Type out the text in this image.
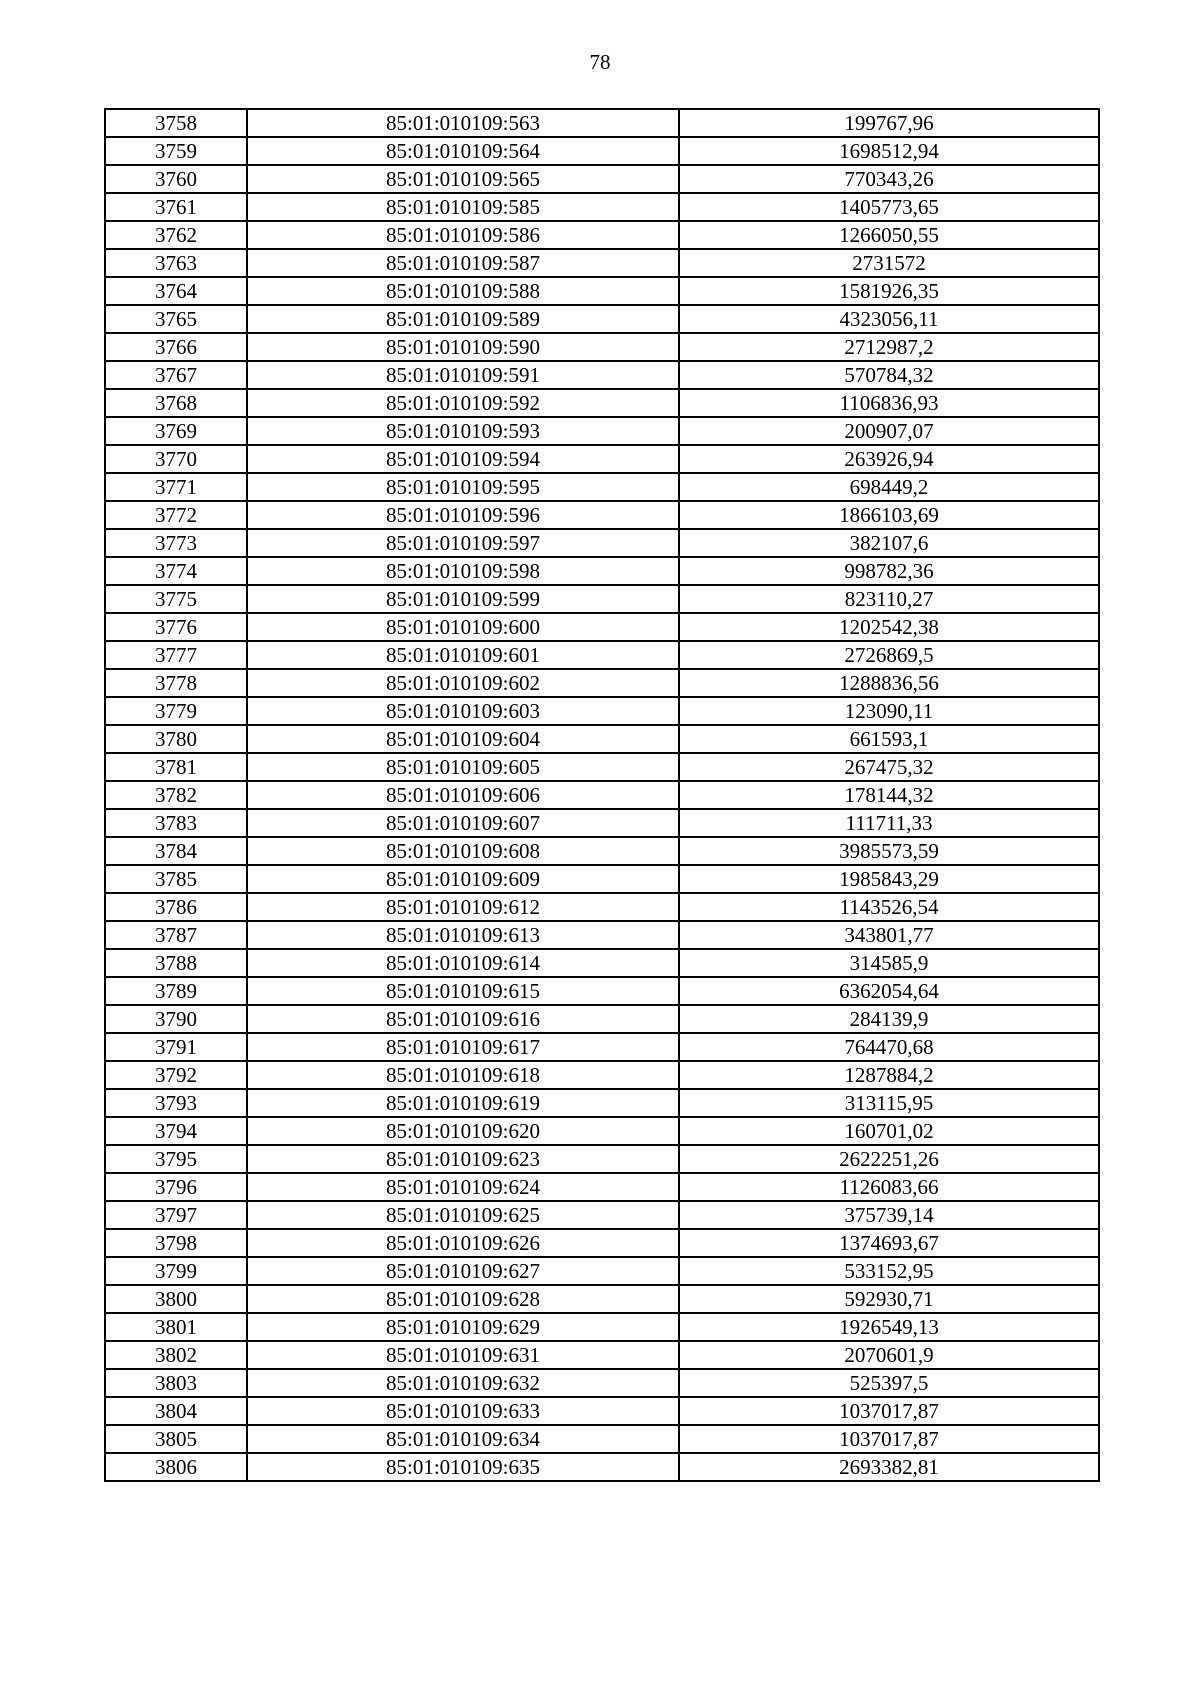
78
3758	85:01:010109:563	199767,96
3759	85:01:010109:564	1698512,94
3760	85:01:010109:565	770343,26
3761	85:01:010109:585	1405773,65
3762	85:01:010109:586	1266050,55
3763	85:01:010109:587	2731572
3764	85:01:010109:588	1581926,35
3765	85:01:010109:589	4323056,11
3766	85:01:010109:590	2712987,2
3767	85:01:010109:591	570784,32
3768	85:01:010109:592	1106836,93
3769	85:01:010109:593	200907,07
3770	85:01:010109:594	263926,94
3771	85:01:010109:595	698449,2
3772	85:01:010109:596	1866103,69
3773	85:01:010109:597	382107,6
3774	85:01:010109:598	998782,36
3775	85:01:010109:599	823110,27
3776	85:01:010109:600	1202542,38
3777	85:01:010109:601	2726869,5
3778	85:01:010109:602	1288836,56
3779	85:01:010109:603	123090,11
3780	85:01:010109:604	661593,1
3781	85:01:010109:605	267475,32
3782	85:01:010109:606	178144,32
3783	85:01:010109:607	111711,33
3784	85:01:010109:608	3985573,59
3785	85:01:010109:609	1985843,29
3786	85:01:010109:612	1143526,54
3787	85:01:010109:613	343801,77
3788	85:01:010109:614	314585,9
3789	85:01:010109:615	6362054,64
3790	85:01:010109:616	284139,9
3791	85:01:010109:617	764470,68
3792	85:01:010109:618	1287884,2
3793	85:01:010109:619	313115,95
3794	85:01:010109:620	160701,02
3795	85:01:010109:623	2622251,26
3796	85:01:010109:624	1126083,66
3797	85:01:010109:625	375739,14
3798	85:01:010109:626	1374693,67
3799	85:01:010109:627	533152,95
3800	85:01:010109:628	592930,71
3801	85:01:010109:629	1926549,13
3802	85:01:010109:631	2070601,9
3803	85:01:010109:632	525397,5
3804	85:01:010109:633	1037017,87
3805	85:01:010109:634	1037017,87
3806	85:01:010109:635	2693382,81
